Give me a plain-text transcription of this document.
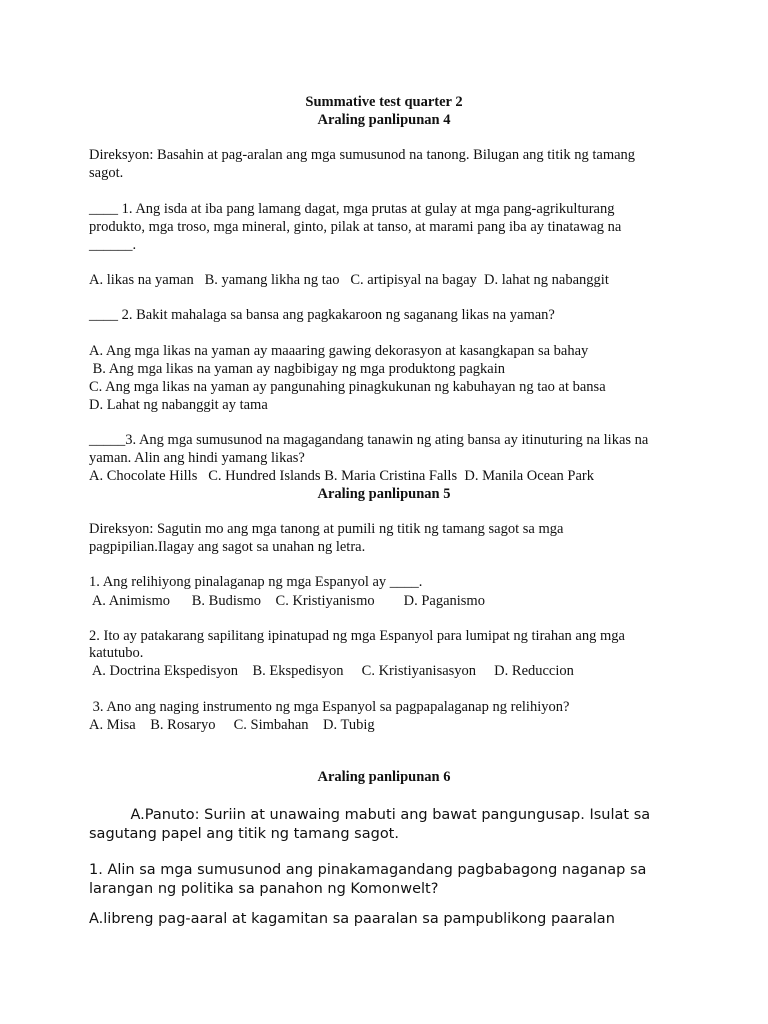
Summative test quarter 2
Araling panlipunan 4
Direksyon: Basahin at pag-aralan ang mga sumusunod na tanong. Bilugan ang titik ng tamang
sagot.
____ 1. Ang isda at iba pang lamang dagat, mga prutas at gulay at mga pang-agrikulturang
produkto, mga troso, mga mineral, ginto, pilak at tanso, at marami pang iba ay tinatawag na
______.
A. likas na yaman   B. yamang likha ng tao   C. artipisyal na bagay  D. lahat ng nabanggit
____ 2. Bakit mahalaga sa bansa ang pagkakaroon ng saganang likas na yaman?
A. Ang mga likas na yaman ay maaaring gawing dekorasyon at kasangkapan sa bahay
B. Ang mga likas na yaman ay nagbibigay ng mga produktong pagkain
C. Ang mga likas na yaman ay pangunahing pinagkukunan ng kabuhayan ng tao at bansa
D. Lahat ng nabanggit ay tama
_____3. Ang mga sumusunod na magagandang tanawin ng ating bansa ay itinuturing na likas na
yaman. Alin ang hindi yamang likas?
A. Chocolate Hills   C. Hundred Islands B. Maria Cristina Falls  D. Manila Ocean Park
Araling panlipunan 5
Direksyon: Sagutin mo ang mga tanong at pumili ng titik ng tamang sagot sa mga
pagpipilian.Ilagay ang sagot sa unahan ng letra.
1. Ang relihiyong pinalaganap ng mga Espanyol ay ____.
A. Animismo      B. Budismo    C. Kristiyanismo        D. Paganismo
2. Ito ay patakarang sapilitang ipinatupad ng mga Espanyol para lumipat ng tirahan ang mga
katutubo.
A. Doctrina Ekspedisyon    B. Ekspedisyon     C. Kristiyanisasyon     D. Reduccion
3. Ano ang naging instrumento ng mga Espanyol sa pagpapalaganap ng relihiyon?
A. Misa    B. Rosaryo     C. Simbahan    D. Tubig
Araling panlipunan 6
A.Panuto: Suriin at unawaing mabuti ang bawat pangungusap. Isulat sa
sagutang papel ang titik ng tamang sagot.
1. Alin sa mga sumusunod ang pinakamagandang pagbabagong naganap sa
larangan ng politika sa panahon ng Komonwelt?
A.libreng pag-aaral at kagamitan sa paaralan sa pampublikong paaralan
